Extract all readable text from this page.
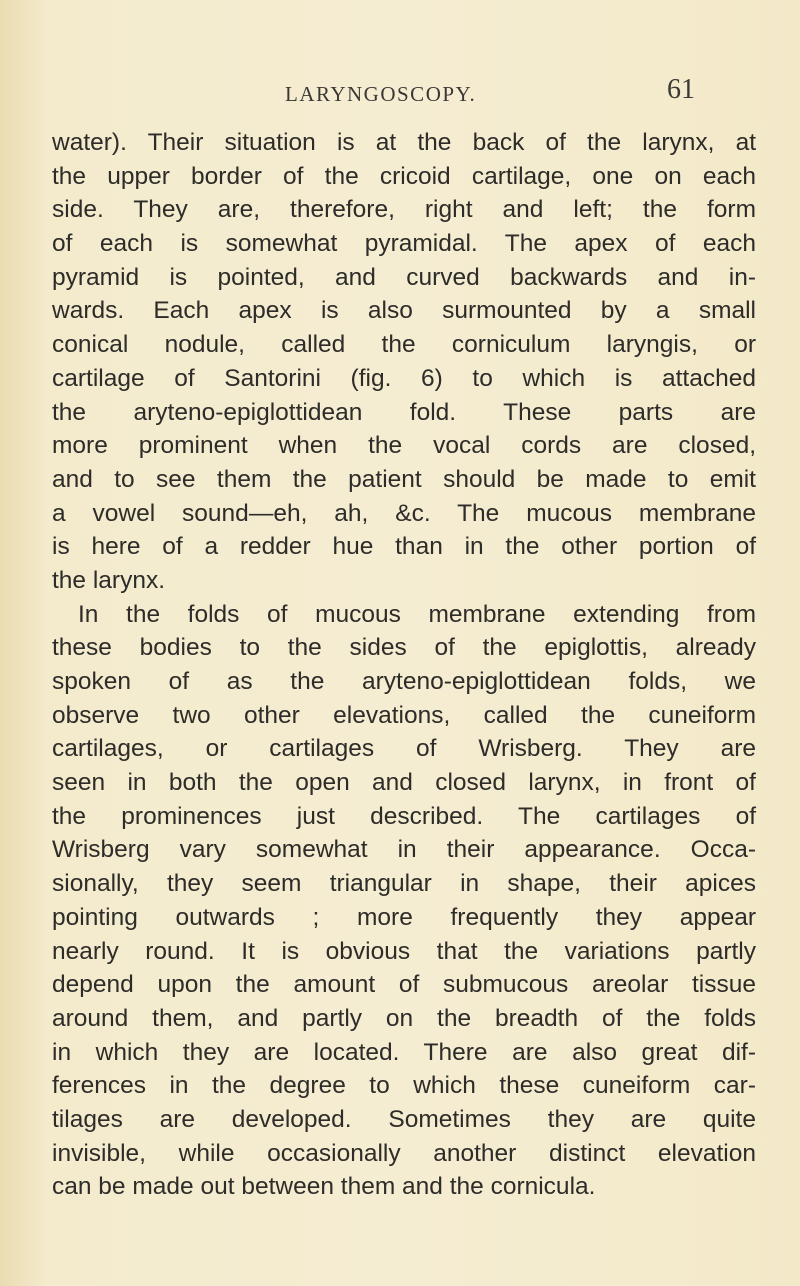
LARYNGOSCOPY.	61
water). Their situation is at the back of the larynx, at
the upper border of the cricoid cartilage, one on each
side. They are, therefore, right and left; the form
of each is somewhat pyramidal. The apex of each
pyramid is pointed, and curved backwards and in-
wards. Each apex is also surmounted by a small
conical nodule, called the corniculum laryngis, or
cartilage of Santorini (fig. 6) to which is attached
the aryteno-epiglottidean fold. These parts are
more prominent when the vocal cords are closed,
and to see them the patient should be made to emit
a vowel sound—eh, ah, &c. The mucous membrane
is here of a redder hue than in the other portion of
the larynx.
In the folds of mucous membrane extending from
these bodies to the sides of the epiglottis, already
spoken of as the aryteno-epiglottidean folds, we
observe two other elevations, called the cuneiform
cartilages, or cartilages of Wrisberg. They are
seen in both the open and closed larynx, in front of
the prominences just described. The cartilages of
Wrisberg vary somewhat in their appearance. Occa-
sionally, they seem triangular in shape, their apices
pointing outwards ; more frequently they appear
nearly round. It is obvious that the variations partly
depend upon the amount of submucous areolar tissue
around them, and partly on the breadth of the folds
in which they are located. There are also great dif-
ferences in the degree to which these cuneiform car-
tilages are developed. Sometimes they are quite
invisible, while occasionally another distinct elevation
can be made out between them and the cornicula.
